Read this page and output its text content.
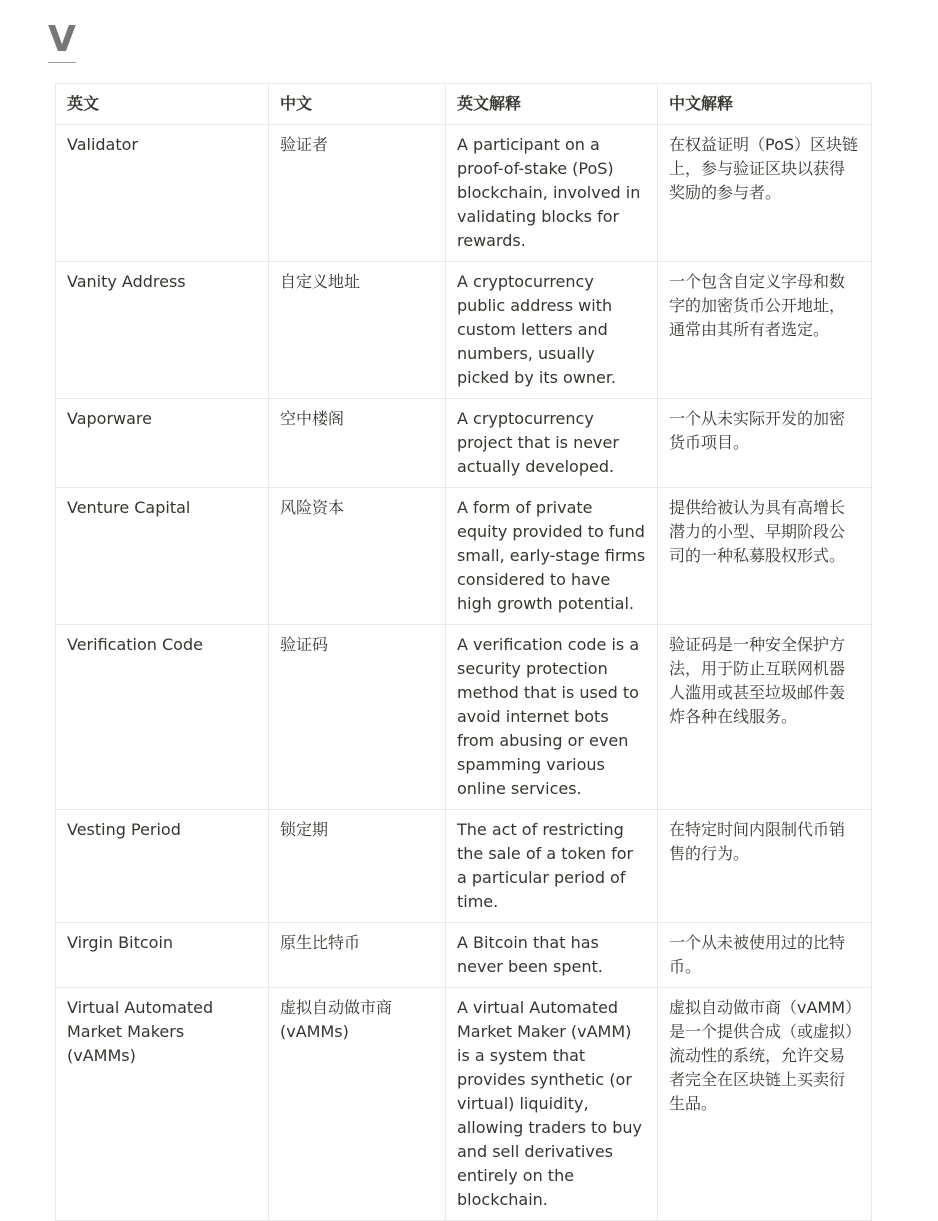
V
英文	中文	英文解释	中文解释
Validator	验证者	A participant on a proof-of-stake (PoS) blockchain, involved in validating blocks for rewards.	在权益证明（PoS）区块链上，参与验证区块以获得奖励的参与者。
Vanity Address	自定义地址	A cryptocurrency public address with custom letters and numbers, usually picked by its owner.	一个包含自定义字母和数字的加密货币公开地址，通常由其所有者选定。
Vaporware	空中楼阁	A cryptocurrency project that is never actually developed.	一个从未实际开发的加密货币项目。
Venture Capital	风险资本	A form of private equity provided to fund small, early-stage firms considered to have high growth potential.	提供给被认为具有高增长潜力的小型、早期阶段公司的一种私募股权形式。
Verification Code	验证码	A verification code is a security protection method that is used to avoid internet bots from abusing or even spamming various online services.	验证码是一种安全保护方法，用于防止互联网机器人滥用或甚至垃圾邮件轰炸各种在线服务。
Vesting Period	锁定期	The act of restricting the sale of a token for a particular period of time.	在特定时间内限制代币销售的行为。
Virgin Bitcoin	原生比特币	A Bitcoin that has never been spent.	一个从未被使用过的比特币。
Virtual Automated Market Makers (vAMMs)	虚拟自动做市商 (vAMMs)	A virtual Automated Market Maker (vAMM) is a system that provides synthetic (or virtual) liquidity, allowing traders to buy and sell derivatives entirely on the blockchain.	虚拟自动做市商（vAMM）是一个提供合成（或虚拟）流动性的系统，允许交易者完全在区块链上买卖衍生品。
